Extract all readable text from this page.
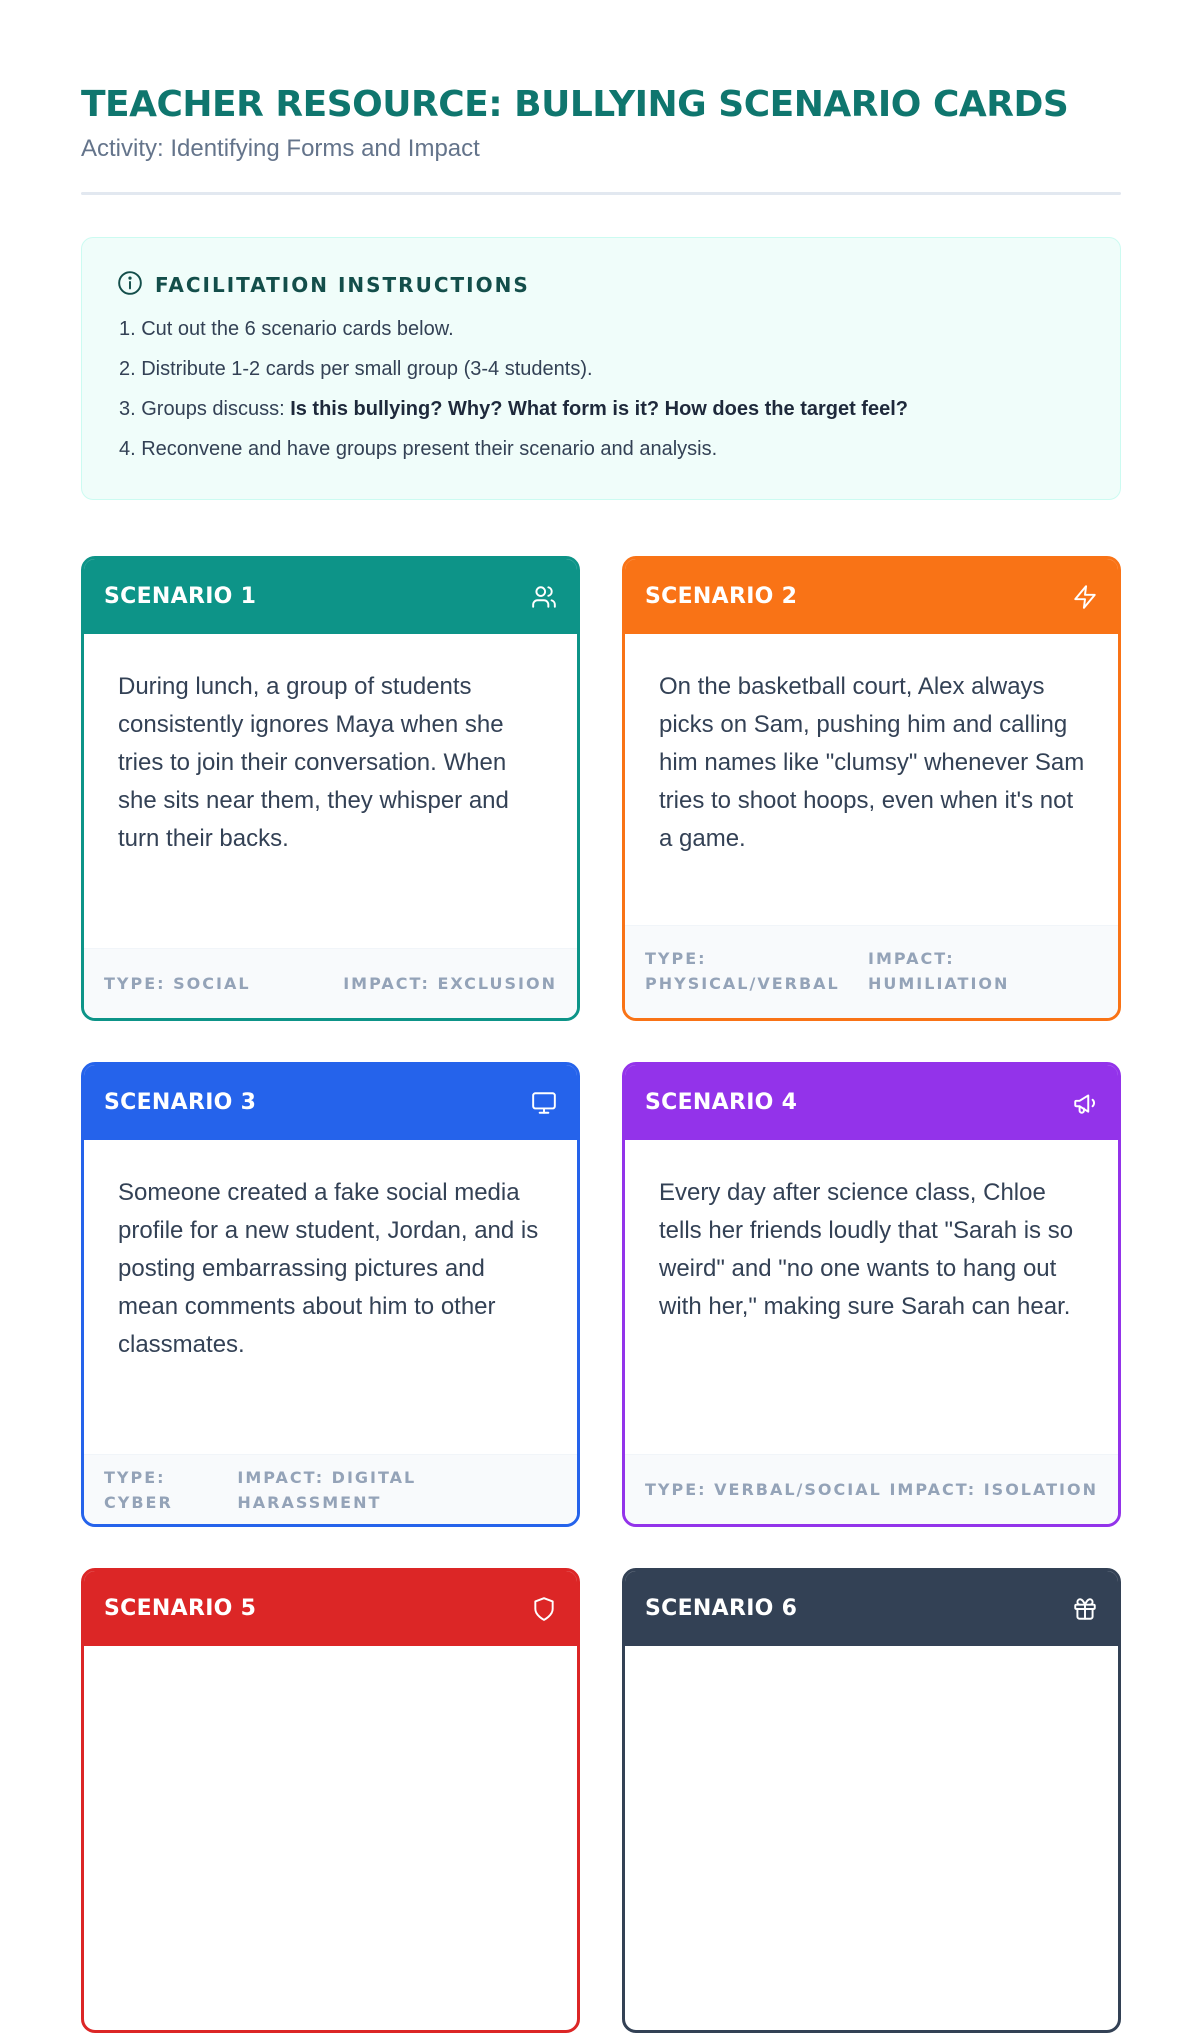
TEACHER RESOURCE: BULLYING SCENARIO CARDS
Activity: Identifying Forms and Impact
FACILITATION INSTRUCTIONS
1. Cut out the 6 scenario cards below.
2. Distribute 1-2 cards per small group (3-4 students).
3. Groups discuss: Is this bullying? Why? What form is it? How does the target feel?
4. Reconvene and have groups present their scenario and analysis.
SCENARIO 1

During lunch, a group of students consistently ignores Maya when she tries to join their conversation. When she sits near them, they whisper and turn their backs.

TYPE: SOCIAL	IMPACT: EXCLUSION
SCENARIO 2

On the basketball court, Alex always picks on Sam, pushing him and calling him names like "clumsy" whenever Sam tries to shoot hoops, even when it's not a game.

TYPE: PHYSICAL/VERBAL
IMPACT: HUMILIATION
SCENARIO 3

Someone created a fake social media profile for a new student, Jordan, and is posting embarrassing pictures and mean comments about him to other classmates.

TYPE: CYBER
IMPACT: DIGITAL HARASSMENT
SCENARIO 4

Every day after science class, Chloe tells her friends loudly that "Sarah is so weird" and "no one wants to hang out with her," making sure Sarah can hear.

TYPE: VERBAL/SOCIAL IMPACT: ISOLATION
SCENARIO 5	SCENARIO 6
